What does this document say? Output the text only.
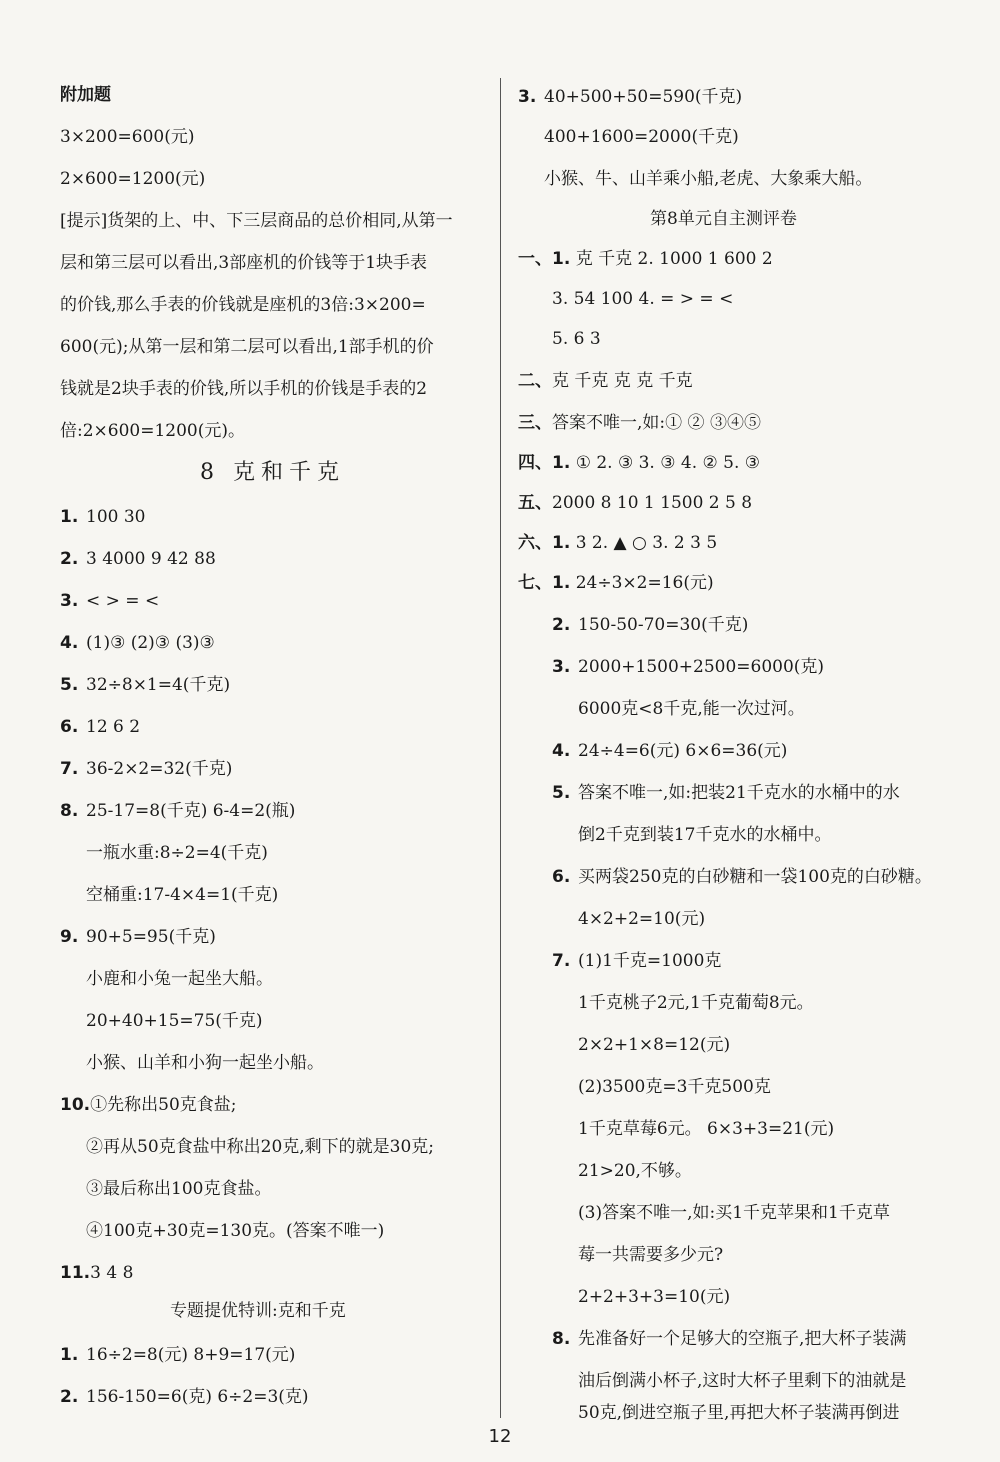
附加题
3×200=600(元)
2×600=1200(元)
[提示]货架的上、中、下三层商品的总价相同,从第一
层和第三层可以看出,3部座机的价钱等于1块手表
的价钱,那么手表的价钱就是座机的3倍:3×200=
600(元);从第一层和第二层可以看出,1部手机的价
钱就是2块手表的价钱,所以手机的价钱是手表的2
倍:2×600=1200(元)。
8 克和千克
1. 100 30
2. 3 4000 9 42 88
3. < > = <
4. (1)③ (2)③ (3)③
5. 32÷8×1=4(千克)
6. 12 6 2
7. 36-2×2=32(千克)
8. 25-17=8(千克) 6-4=2(瓶)
一瓶水重:8÷2=4(千克)
空桶重:17-4×4=1(千克)
9. 90+5=95(千克)
小鹿和小兔一起坐大船。
20+40+15=75(千克)
小猴、山羊和小狗一起坐小船。
10.①先称出50克食盐;
②再从50克食盐中称出20克,剩下的就是30克;
③最后称出100克食盐。
④100克+30克=130克。(答案不唯一)
11.3 4 8
专题提优特训:克和千克
1. 16÷2=8(元) 8+9=17(元)
2. 156-150=6(克) 6÷2=3(克)
3. 40+500+50=590(千克)
400+1600=2000(千克)
小猴、牛、山羊乘小船,老虎、大象乘大船。
第8单元自主测评卷
一、1. 克 千克 2. 1000 1 600 2
3. 54 100 4. = > = <
5. 6 3
二、克 千克 克 克 千克
三、答案不唯一,如:① ② ③④⑤
四、1. ① 2. ③ 3. ③ 4. ② 5. ③
五、2000 8 10 1 1500 2 5 8
六、1. 3 2. ▲ ○ 3. 2 3 5
七、1. 24÷3×2=16(元)
2. 150-50-70=30(千克)
3. 2000+1500+2500=6000(克)
6000克<8千克,能一次过河。
4. 24÷4=6(元) 6×6=36(元)
5. 答案不唯一,如:把装21千克水的水桶中的水
倒2千克到装17千克水的水桶中。
6. 买两袋250克的白砂糖和一袋100克的白砂糖。
4×2+2=10(元)
7. (1)1千克=1000克
1千克桃子2元,1千克葡萄8元。
2×2+1×8=12(元)
(2)3500克=3千克500克
1千克草莓6元。 6×3+3=21(元)
21>20,不够。
(3)答案不唯一,如:买1千克苹果和1千克草
莓一共需要多少元?
2+2+3+3=10(元)
8. 先准备好一个足够大的空瓶子,把大杯子装满
油后倒满小杯子,这时大杯子里剩下的油就是
50克,倒进空瓶子里,再把大杯子装满再倒进
12
